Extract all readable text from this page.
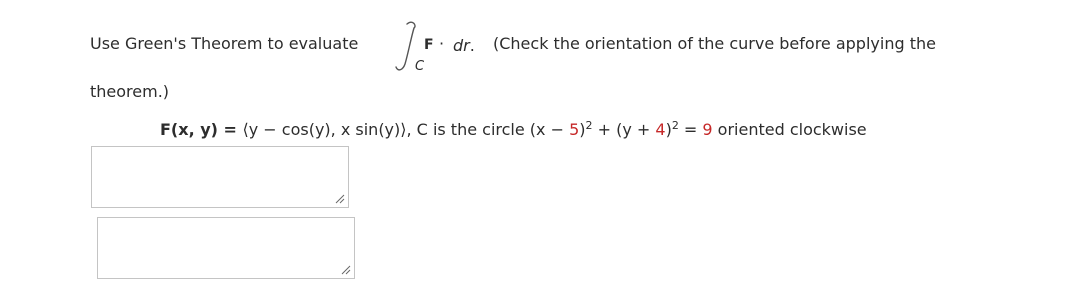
Use Green's Theorem to evaluate
C
F · dr. (Check the orientation of the curve before applying the
theorem.)
F(x, y) = ⟨y − cos(y), x sin(y)⟩, C is the circle $(x - 5)^2 + (y + 4)^2 = 9$ oriented clockwise
